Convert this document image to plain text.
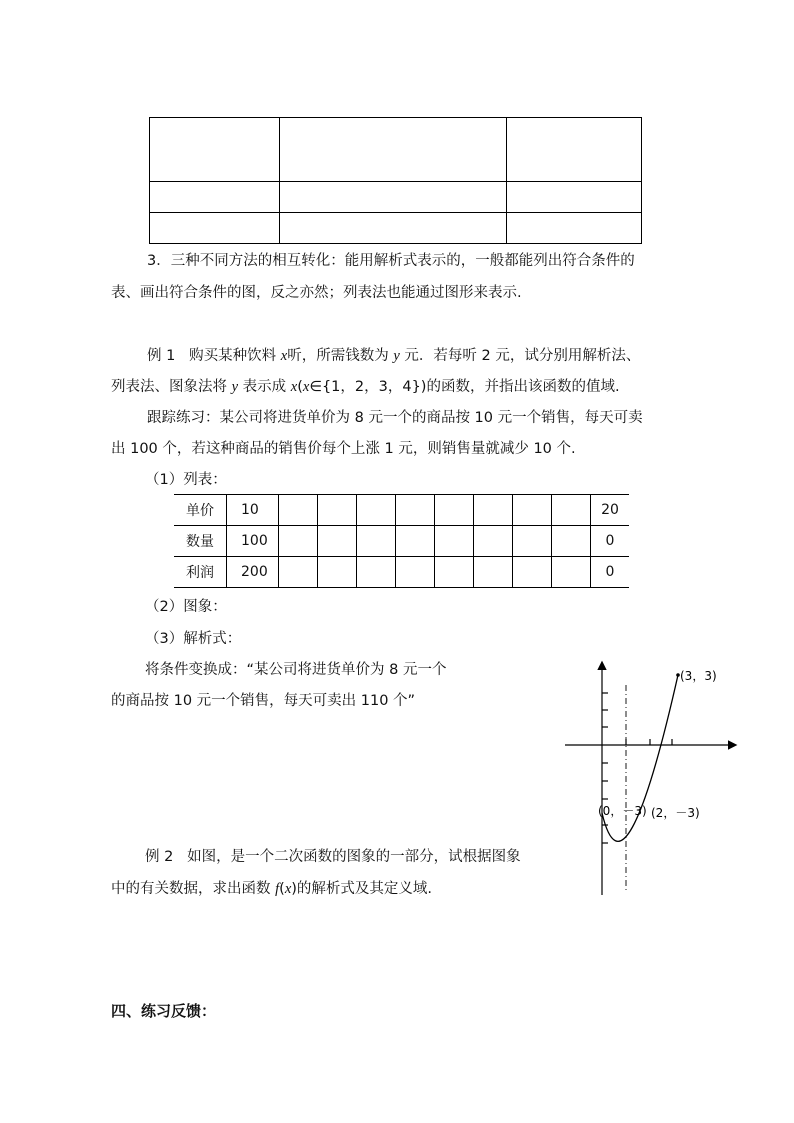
3．三种不同方法的相互转化：能用解析式表示的，一般都能列出符合条件的
表、画出符合条件的图，反之亦然；列表法也能通过图形来表示.
例 1 购买某种饮料 x听，所需钱数为 y 元．若每听 2 元，试分别用解析法、
列表法、图象法将 y 表示成 x(x∈{1，2，3，4})的函数，并指出该函数的值域.
跟踪练习：某公司将进货单价为 8 元一个的商品按 10 元一个销售，每天可卖
出 100 个，若这种商品的销售价每个上涨 1 元，则销售量就减少 10 个.
（1）列表：
单价	10									20
数量	100									0
利润	200									0
（2）图象：
（3）解析式：
将条件变换成：“某公司将进货单价为 8 元一个
的商品按 10 元一个销售，每天可卖出 110 个”
例 2 如图，是一个二次函数的图象的一部分，试根据图象
中的有关数据，求出函数 f(x)的解析式及其定义域.
(3，3)
(0，－3) (2，－3)
四、练习反馈：
